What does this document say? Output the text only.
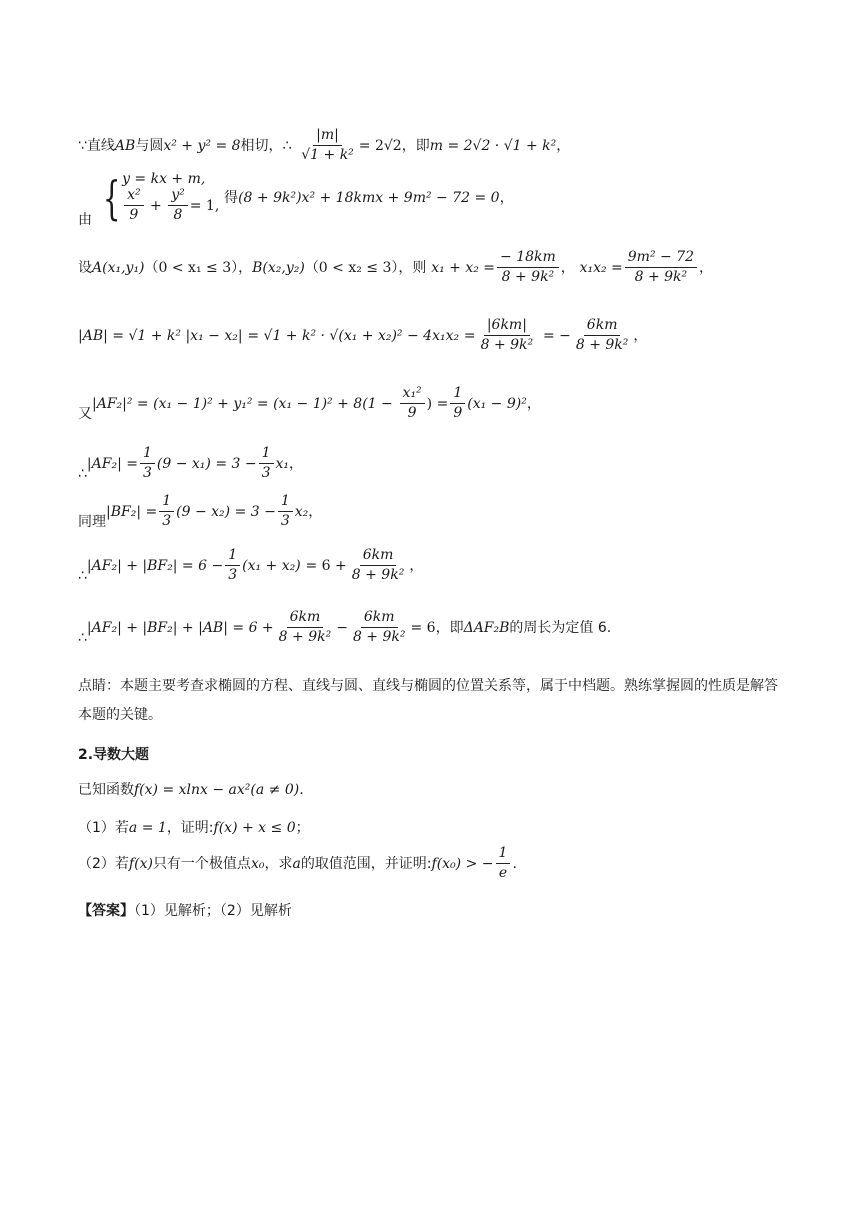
∵直线AB与圆x² + y² = 8相切，∴ $\frac{|m|}{\text{√1 + k²}} = 2√2$，即m = 2√2 · √1 + k²，
由 { y = kx + m,
$\frac{\text{x²}}{9} + \frac{\text{y²}}{8} = 1$, 得(8 + 9k²)x² + 18kmx + 9m² − 72 = 0，
设A(x₁,y₁)（0 < x₁ ≤ 3），B(x₂,y₂)（0 < x₂ ≤ 3），则 $x_1 + x_2 = \frac{- 18km}{\text{8 + 9k²}}$ ， $x_1x_2 = \frac{\text{9m² − 72}}{\text{8 + 9k²}}$ ，
|AB| = √1 + k² $|x_1 - x_2| = √1 + k^2 \cdot √(x_1 + x_2)^2 - 4x_1x_2 = \frac{|6km|}{\text{8 + 9k²}}$ = − $\frac{6km}{\text{8 + 9k²}}$ ，
又$|AF_2|^2 = (x_1 - 1)^2 + y_1^2 = (x_1 - 1)^2 + 8(1 - \frac{\text{x₁²}}{9}$ ) = $\frac{1}{9} (x_1 - 9)^2$，
∴|AF₂| = $\frac{1}{3} (9 - x_1) = 3 - \frac{1}{3} x_1$，
同理$|BF_2| = \frac{1}{3} (9 - x_2) = 3 - \frac{1}{3} x_2$，
∴|AF₂| + $|BF_2| = 6 - \frac{1}{3} (x_1 + x_2) = 6 + \frac{6km}{\text{8 + 9k²}}$ ，
∴|AF₂| + $|BF_2| + |AB| = 6 + \frac{6km}{\text{8 + 9k²}} - \frac{6km}{\text{8 + 9k²}} = 6$，即ΔAF₂B的周长为定值 6.
点睛：本题主要考查求椭圆的方程、直线与圆、直线与椭圆的位置关系等，属于中档题。熟练掌握圆的性质是解答本题的关键。
2.导数大题
已知函数f(x) = xlnx − ax²(a ≠ 0).
（1）若a = 1，证明:f(x) + x ≤ 0；
（2）若f(x)只有一个极值点x₀，求a的取值范围，并证明:f(x₀) > − $\frac{1}{e}$ .
【答案】（1）见解析；（2）见解析
